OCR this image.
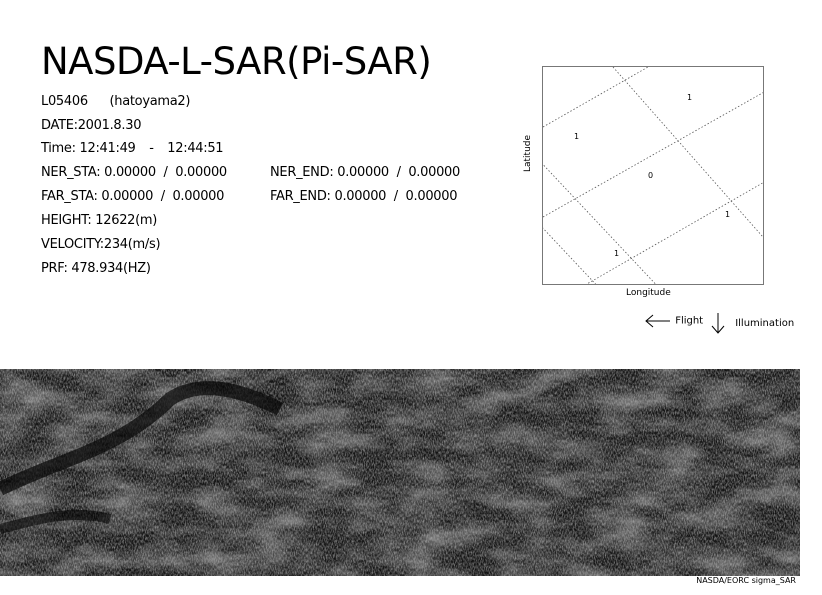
NASDA-L-SAR(Pi-SAR)
L05406 (hatoyama2)
DATE:2001.8.30
Time: 12:41:49 - 12:44:51
NER_STA: 0.00000  /  0.00000	NER_END: 0.00000  /  0.00000
FAR_STA: 0.00000  /  0.00000	FAR_END: 0.00000  /  0.00000
HEIGHT: 12622(m)
VELOCITY:234(m/s)
PRF: 478.934(HZ)
1
1
0
1
1
Latitude
Longitude
Flight	Illumination
NASDA/EORC sigma_SAR
